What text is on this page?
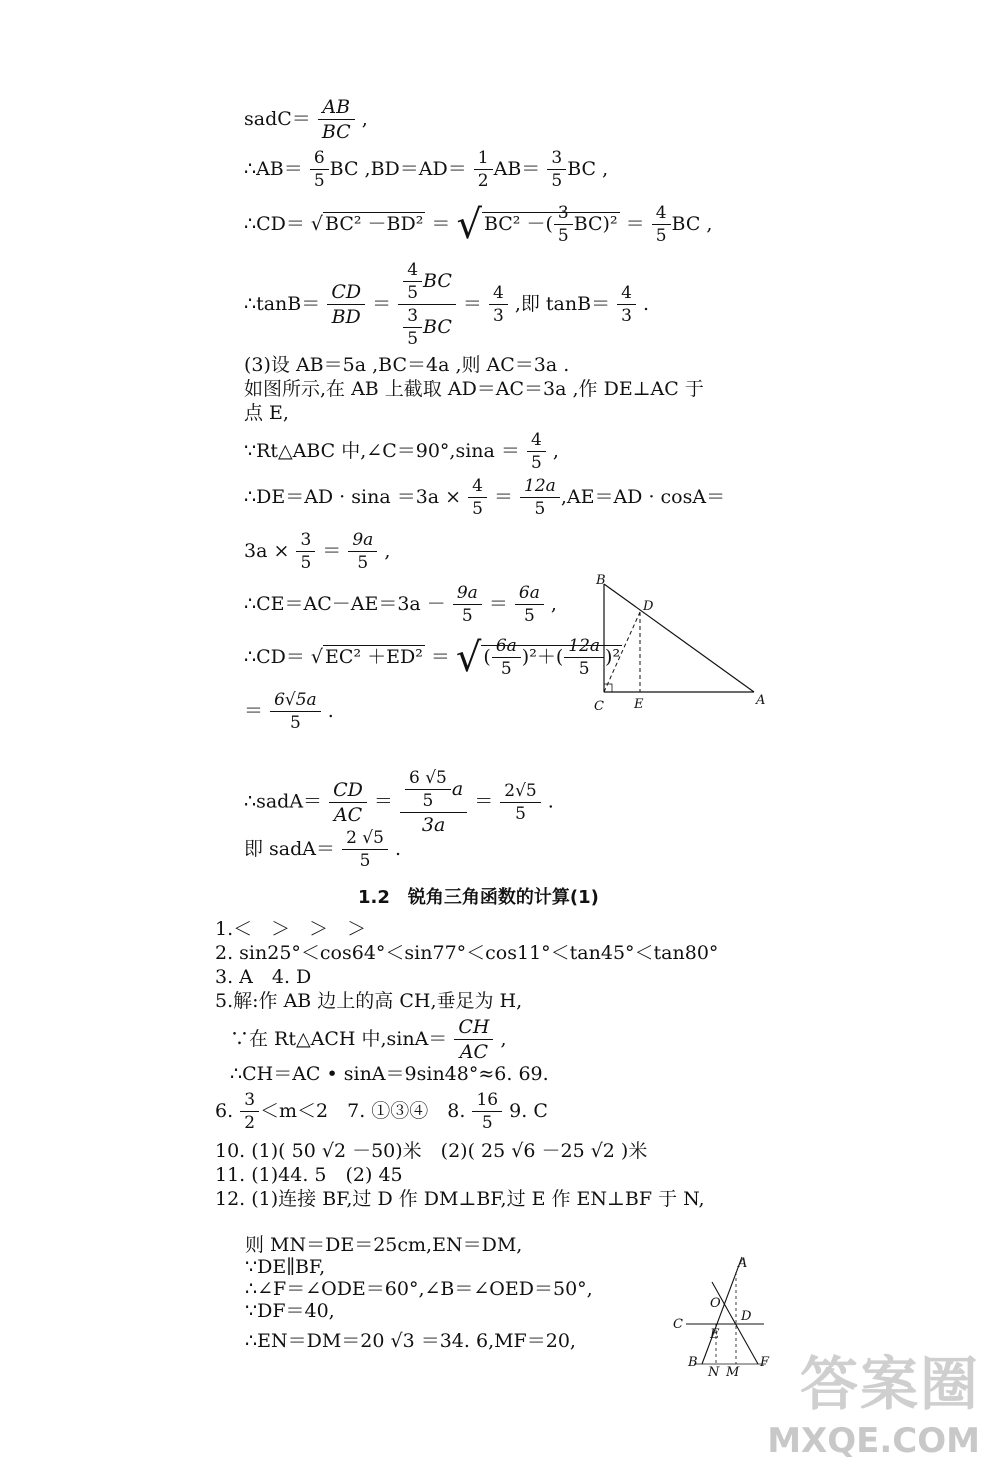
sadC＝ $\frac{AB}{BC}$ ,
∴AB＝ $\frac{6}{5}$ BC $,BD=AD= \frac{1}{2} AB= \frac{3}{5}$ BC ,
∴CD＝ √ BC² －BD² ＝ √ BC² －( $\frac{3}{5} BC)^2 = \frac{4}{5}$ BC ,
∴tanB＝ $\frac{CD}{BD} = \frac{\frac{4}{5} BC}{\frac{3}{5} BC} = \frac{4}{3}$ ,即 $\tan B= \frac{4}{3}$ .
(3)设 AB＝5a ,BC＝4a ,则 AC＝3a .
如图所示,在 AB 上截取 AD＝AC＝3a ,作 DE⊥AC 于
点 E,
∵Rt△ABC 中,∠C＝90°,sina ＝ $\frac{4}{5}$ ,
∴DE＝AD · $\sin a =3a \times \frac{4}{5} = \frac{12a}{5} ,AE=AD \cdot \cos A=$
$3a \times \frac{3}{5} = \frac{9a}{5}$ ,
∴CE＝AC－AE＝3a － $\frac{9a}{5} = \frac{6a}{5}$ ,
∴CD＝ √ EC² ＋ED² ＝ √ ( $\frac{6a}{5} )^2+( \frac{12a}{5} )^2$
＝ $\frac{6√5a}{5}$ .
∴sadA＝ $\frac{CD}{AC} = \frac{\frac{6 √5}{5} a}{3a} = \frac{2√5}{5}$ .
即 sadA＝ $\frac{2 √5}{5}$ .
B
D
C E	A
1.2　锐角三角函数的计算(1)
1.＜　＞　＞　＞
2. sin25°＜cos64°＜sin77°＜cos11°＜tan45°＜tan80°
3. A　4. D
5.解:作 AB 边上的高 CH,垂足为 H,
∵在 Rt△ACH 中$,\sin A= \frac{CH}{AC}$ ,
∴CH＝AC • sinA＝9sin48°≈6. 69.
6. $\frac{3}{2} <m<2$　7. ①③④　8. $\frac{16}{5} 9$. C
10. (1)( 50 √2 －50)米　(2)( 25 √6 －25 √2 )米
11. (1)44. 5　(2) 45
12. (1)连接 BF,过 D 作 DM⊥BF,过 E 作 EN⊥BF 于 N,
则 MN＝DE＝25cm,EN＝DM,
∵DE∥BF,
∴∠F＝∠ODE＝60°,∠B＝∠OED＝50°,
∵DF＝40,
∴EN＝DM＝20 √3 ＝34. 6,MF＝20,
A
O
C
D
E
B
N M
F 答案圈
MXQE.COM
